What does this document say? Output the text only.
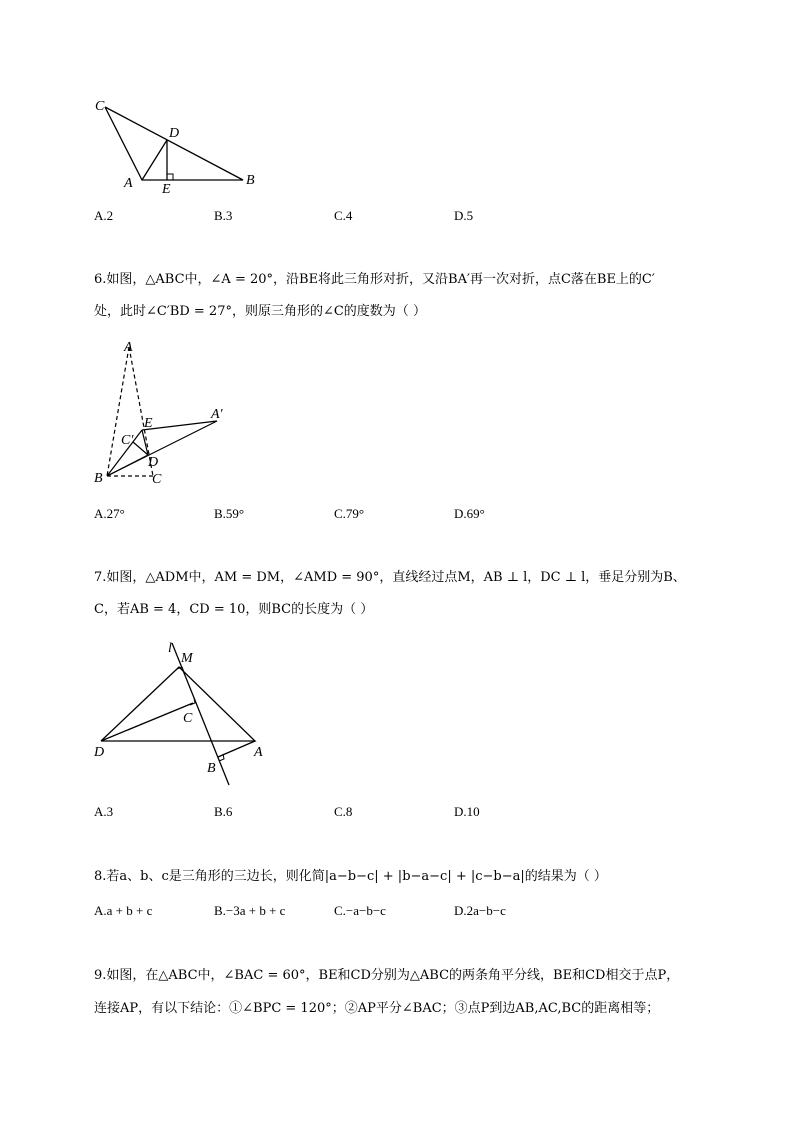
C
D
A E
B
A.2	B.3	C.4	D.5
6.如图，△ABC中，∠A = 20°，沿BE将此三角形对折，又沿BA′再一次对折，点C落在BE上的C′
处，此时∠C′BD = 27°，则原三角形的∠C的度数为（ ）
A
E
A′
C′
D
B	C
A.27°	B.59°	C.79°	D.69°
7.如图，△ADM中，AM = DM，∠AMD = 90°，直线经过点M，AB ⊥ l，DC ⊥ l，垂足分别为B、
C，若AB = 4，CD = 10，则BC的长度为（ ）
l
M
C
D	A
B
A.3	B.6	C.8	D.10
8.若a、b、c是三角形的三边长，则化简|a−b−c| + |b−a−c| + |c−b−a|的结果为（ ）
A.a + b + c	B.−3a + b + c	C.−a−b−c	D.2a−b−c
9.如图，在△ABC中，∠BAC = 60°，BE和CD分别为△ABC的两条角平分线，BE和CD相交于点P，
连接AP，有以下结论：①∠BPC = 120°；②AP平分∠BAC；③点P到边AB,AC,BC的距离相等；
